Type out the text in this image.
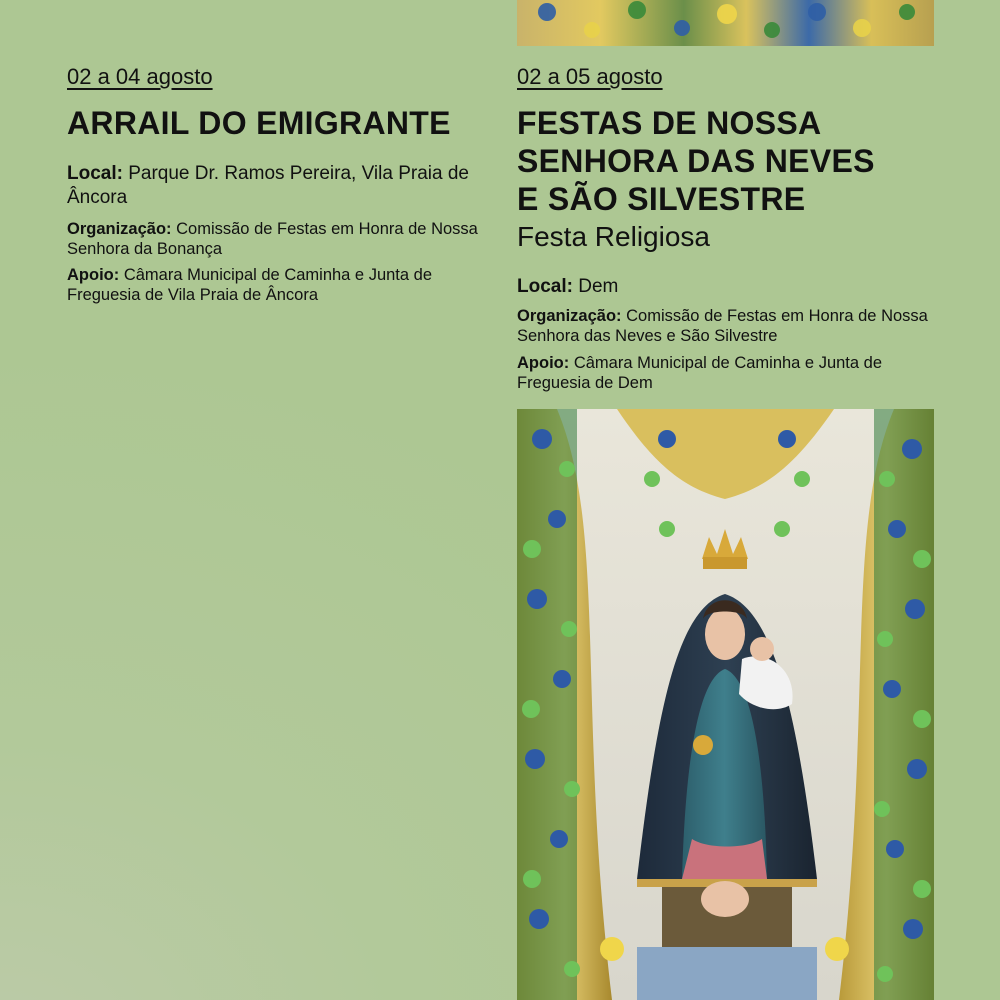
02 a 04 agosto
ARRAIL DO EMIGRANTE
Local: Parque Dr. Ramos Pereira, Vila Praia de Âncora
Organização: Comissão de Festas em Honra de Nossa Senhora da Bonança
Apoio: Câmara Municipal de Caminha e Junta de Freguesia de Vila Praia de Âncora
02 a 05 agosto
FESTAS DE NOSSA
SENHORA DAS NEVES
E SÃO SILVESTRE
Festa Religiosa
Local: Dem
Organização: Comissão de Festas em Honra de Nossa Senhora das Neves e São Silvestre
Apoio: Câmara Municipal de Caminha e Junta de Freguesia de Dem
